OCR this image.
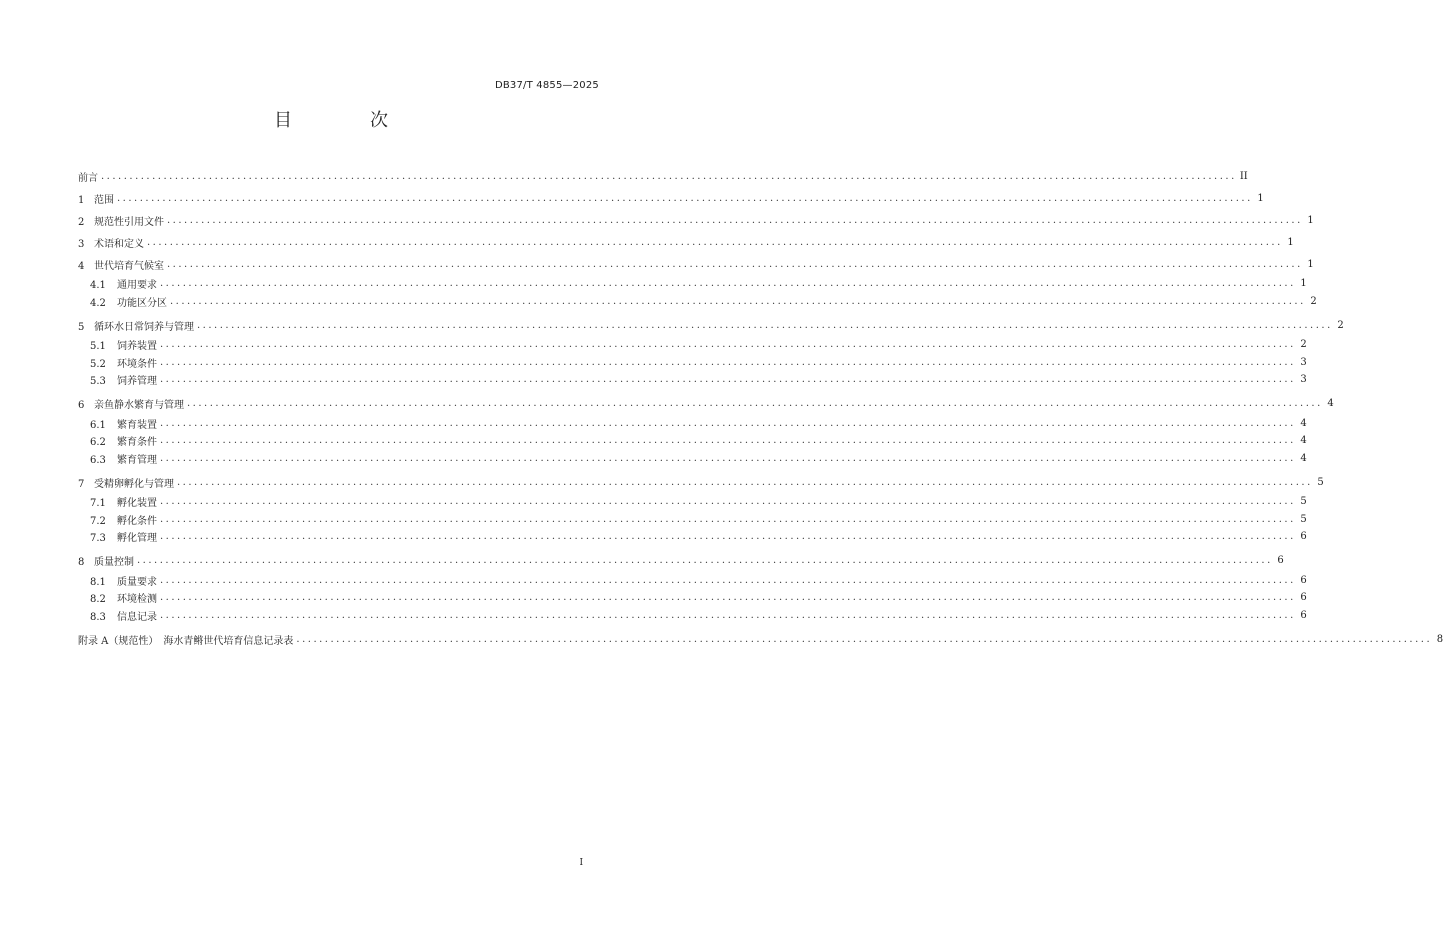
DB37/T 4855—2025
目　次
前言 ........................................................................................................................................................................................................ II
1 范围 ........................................................................................................................................................................................................ 1
2 规范性引用文件 ........................................................................................................................................................................................................ 1
3 术语和定义 ........................................................................................................................................................................................................ 1
4 世代培育气候室 ........................................................................................................................................................................................................ 1
4.1 通用要求 ........................................................................................................................................................................................................ 1
4.2 功能区分区 ........................................................................................................................................................................................................ 2
5 循环水日常饲养与管理 ........................................................................................................................................................................................................ 2
5.1 饲养装置 ........................................................................................................................................................................................................ 2
5.2 环境条件 ........................................................................................................................................................................................................ 3
5.3 饲养管理 ........................................................................................................................................................................................................ 3
6 亲鱼静水繁育与管理 ........................................................................................................................................................................................................ 4
6.1 繁育装置 ........................................................................................................................................................................................................ 4
6.2 繁育条件 ........................................................................................................................................................................................................ 4
6.3 繁育管理 ........................................................................................................................................................................................................ 4
7 受精卵孵化与管理 ........................................................................................................................................................................................................ 5
7.1 孵化装置 ........................................................................................................................................................................................................ 5
7.2 孵化条件 ........................................................................................................................................................................................................ 5
7.3 孵化管理 ........................................................................................................................................................................................................ 6
8 质量控制 ........................................................................................................................................................................................................ 6
8.1 质量要求 ........................................................................................................................................................................................................ 6
8.2 环境检测 ........................................................................................................................................................................................................ 6
8.3 信息记录 ........................................................................................................................................................................................................ 6
附录 A（规范性）　海水青鳉世代培育信息记录表 ........................................................................................................................................................................................................ 8
I
